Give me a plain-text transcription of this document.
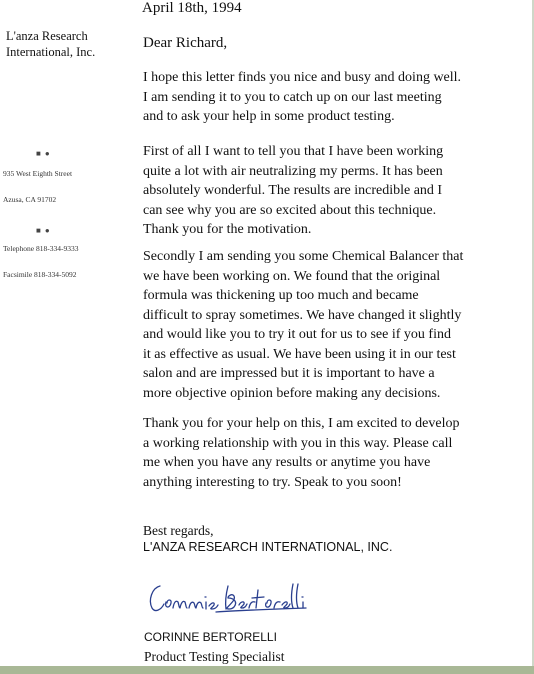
April 18th, 1994
L'anza Research
International, Inc.
■ ●
935 West Eighth Street
Azusa, CA 91702
■ ●
Telephone 818-334-9333
Facsimile 818-334-5092
Dear Richard,
I hope this letter finds you nice and busy and doing well.
I am sending it to you to catch up on our last meeting
and to ask your help in some product testing.
First of all I want to tell you that I have been working
quite a lot with air neutralizing my perms. It has been
absolutely wonderful. The results are incredible and I
can see why you are so excited about this technique.
Thank you for the motivation.
Secondly I am sending you some Chemical Balancer that
we have been working on. We found that the original
formula was thickening up too much and became
difficult to spray sometimes. We have changed it slightly
and would like you to try it out for us to see if you find
it as effective as usual. We have been using it in our test
salon and are impressed but it is important to have a
more objective opinion before making any decisions.
Thank you for your help on this, I am excited to develop
a working relationship with you in this way. Please call
me when you have any results or anytime you have
anything interesting to try. Speak to you soon!
Best regards,
L'ANZA RESEARCH INTERNATIONAL, INC.
CORINNE BERTORELLI
Product Testing Specialist
